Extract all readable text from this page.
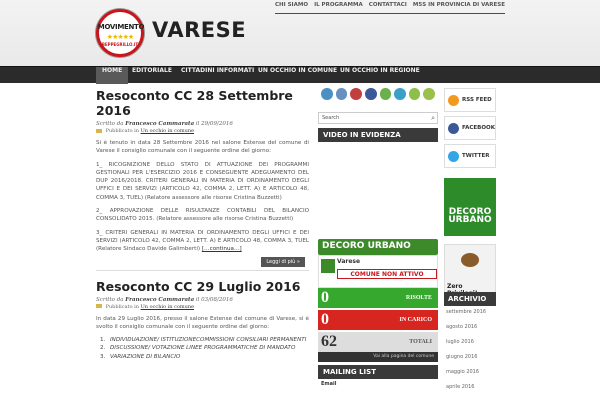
MOVIMENTO
★★★★★
BEPPEGRILLO.IT
VARESE
CHI SIAMO IL PROGRAMMA CONTATTACI M5S IN PROVINCIA DI VARESE
HOME	EDITORIALE CITTADINI INFORMATI UN OCCHIO IN COMUNE UN OCCHIO IN REGIONE
Resoconto CC 28 Settembre 2016
Scritto da Francesco Cammarata il 29/09/2016
Pubblicato in Un occhio in comune

Si è tenuto in data 28 Settembre 2016 nel salone Estense del comune di Varese il consiglio comunale con il seguente ordine del giorno:

1_ RICOGNIZIONE DELLO STATO DI ATTUAZIONE DEI PROGRAMMI GESTIONALI PER L'ESERCIZIO 2016 E CONSEGUENTE ADEGUAMENTO DEL DUP 2016/2018. CRITERI GENERALI IN MATERIA DI ORDINAMENTO DEGLI UFFICI E DEI SERVIZI (ARTICOLO 42, COMMA 2, LETT. A) E ARTICOLO 48, COMMA 3, TUEL) (Relatore assessore alle risorse Cristina Buzzetti)

2_ APPROVAZIONE DELLE RISULTANZE CONTABILI DEL BILANCIO CONSOLIDATO 2015. (Relatore assessore alle risorse Cristina Buzzetti)

3_ CRITERI GENERALI IN MATERIA DI ORDINAMENTO DEGLI UFFICI E DEI SERVIZI (ARTICOLO 42, COMMA 2, LETT. A) E ARTICOLO 48, COMMA 3, TUEL (Relatore Sindaco Davide Galimberti) […continua…]

Leggi di più »
Resoconto CC 29 Luglio 2016
Scritto da Francesco Cammarata il 03/08/2016
Pubblicato in Un occhio in comune

In data 29 Luglio 2016, presso il salone Estense del comune di Varese, si è svolto il consiglio comunale con il seguente ordine del giorno:

1. INDIVIDUAZIONE/ ISTITUZIONECOMMISSIONI CONSILIARI PERMANENTI
2. DISCUSSIONE/ VOTAZIONE LINEE PROGRAMMATICHE DI MANDATO
3. VARIAZIONE DI BILANCIO
Search	⌕
VIDEO IN EVIDENZA
DECORO URBANO
Varese
COMUNE NON ATTIVO
0	RISOLTE
0	IN CARICO
62	TOTALI
Vai alla pagina del comune
MAILING LIST
Email
RSS FEED
FACEBOOK
TWITTER
DECORO
URBANO
Zero
ARCHIVIO
settembre 2016
agosto 2016
luglio 2016
giugno 2016
maggio 2016
aprile 2016
